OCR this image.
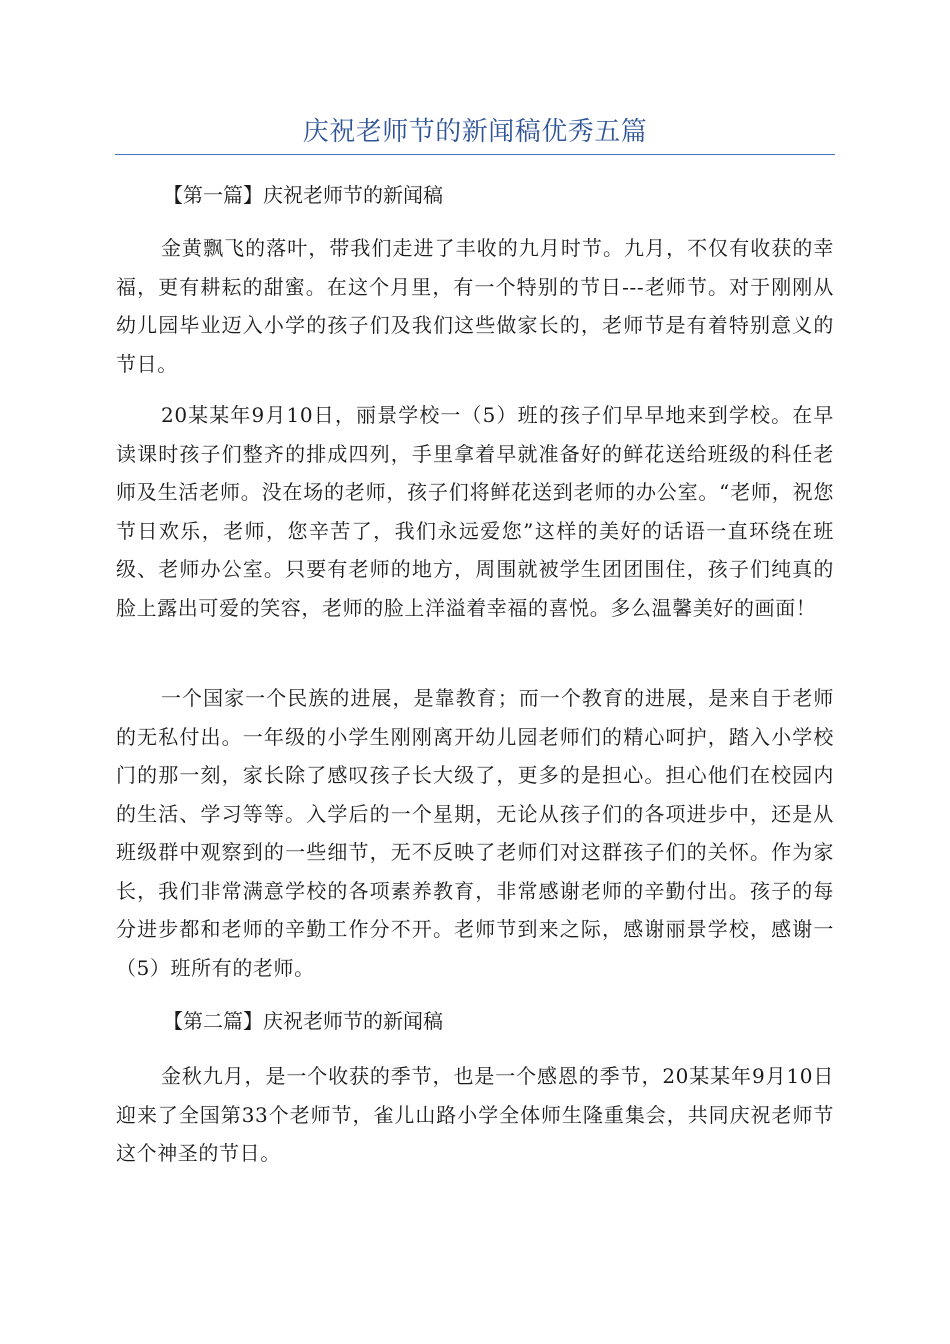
庆祝老师节的新闻稿优秀五篇
【第一篇】庆祝老师节的新闻稿

金黄飘飞的落叶，带我们走进了丰收的九月时节。九月，不仅有收获的幸福，更有耕耘的甜蜜。在这个月里，有一个特别的节日---老师节。对于刚刚从幼儿园毕业迈入小学的孩子们及我们这些做家长的，老师节是有着特别意义的节日。

20某某年9月10日，丽景学校一（5）班的孩子们早早地来到学校。在早读课时孩子们整齐的排成四列，手里拿着早就准备好的鲜花送给班级的科任老师及生活老师。没在场的老师，孩子们将鲜花送到老师的办公室。“老师，祝您节日欢乐，老师，您辛苦了，我们永远爱您”这样的美好的话语一直环绕在班级、老师办公室。只要有老师的地方，周围就被学生团团围住，孩子们纯真的脸上露出可爱的笑容，老师的脸上洋溢着幸福的喜悦。多么温馨美好的画面！

一个国家一个民族的进展，是靠教育；而一个教育的进展，是来自于老师的无私付出。一年级的小学生刚刚离开幼儿园老师们的精心呵护，踏入小学校门的那一刻，家长除了感叹孩子长大级了，更多的是担心。担心他们在校园内的生活、学习等等。入学后的一个星期，无论从孩子们的各项进步中，还是从班级群中观察到的一些细节，无不反映了老师们对这群孩子们的关怀。作为家长，我们非常满意学校的各项素养教育，非常感谢老师的辛勤付出。孩子的每分进步都和老师的辛勤工作分不开。老师节到来之际，感谢丽景学校，感谢一（5）班所有的老师。

【第二篇】庆祝老师节的新闻稿

金秋九月，是一个收获的季节，也是一个感恩的季节，20某某年9月10日迎来了全国第33个老师节，雀儿山路小学全体师生隆重集会，共同庆祝老师节这个神圣的节日。
